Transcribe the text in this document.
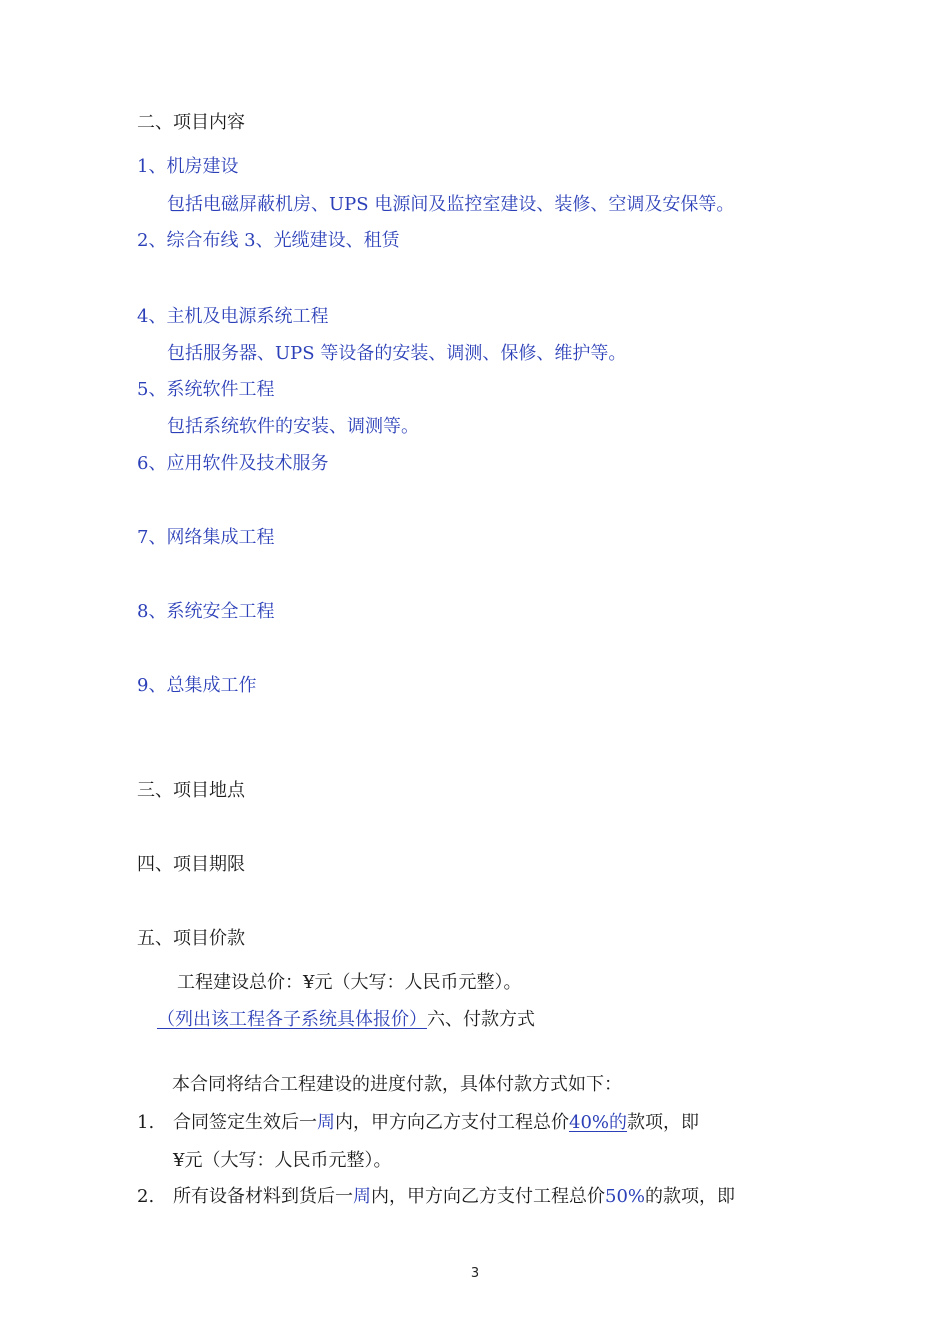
二、项目内容
1、机房建设
包括电磁屏蔽机房、UPS 电源间及监控室建设、装修、空调及安保等。
2、综合布线 3、光缆建设、租赁
4、主机及电源系统工程
包括服务器、UPS 等设备的安装、调测、保修、维护等。
5、系统软件工程
包括系统软件的安装、调测等。
6、应用软件及技术服务
7、网络集成工程
8、系统安全工程
9、总集成工作
三、项目地点
四、项目期限
五、项目价款
工程建设总价：¥元（大写：人民币元整）。
（列出该工程各子系统具体报价）六、付款方式
本合同将结合工程建设的进度付款，具体付款方式如下：
1. 合同签定生效后一周内，甲方向乙方支付工程总价40%的款项，即
¥元（大写：人民币元整）。
2. 所有设备材料到货后一周内，甲方向乙方支付工程总价50%的款项，即
3
